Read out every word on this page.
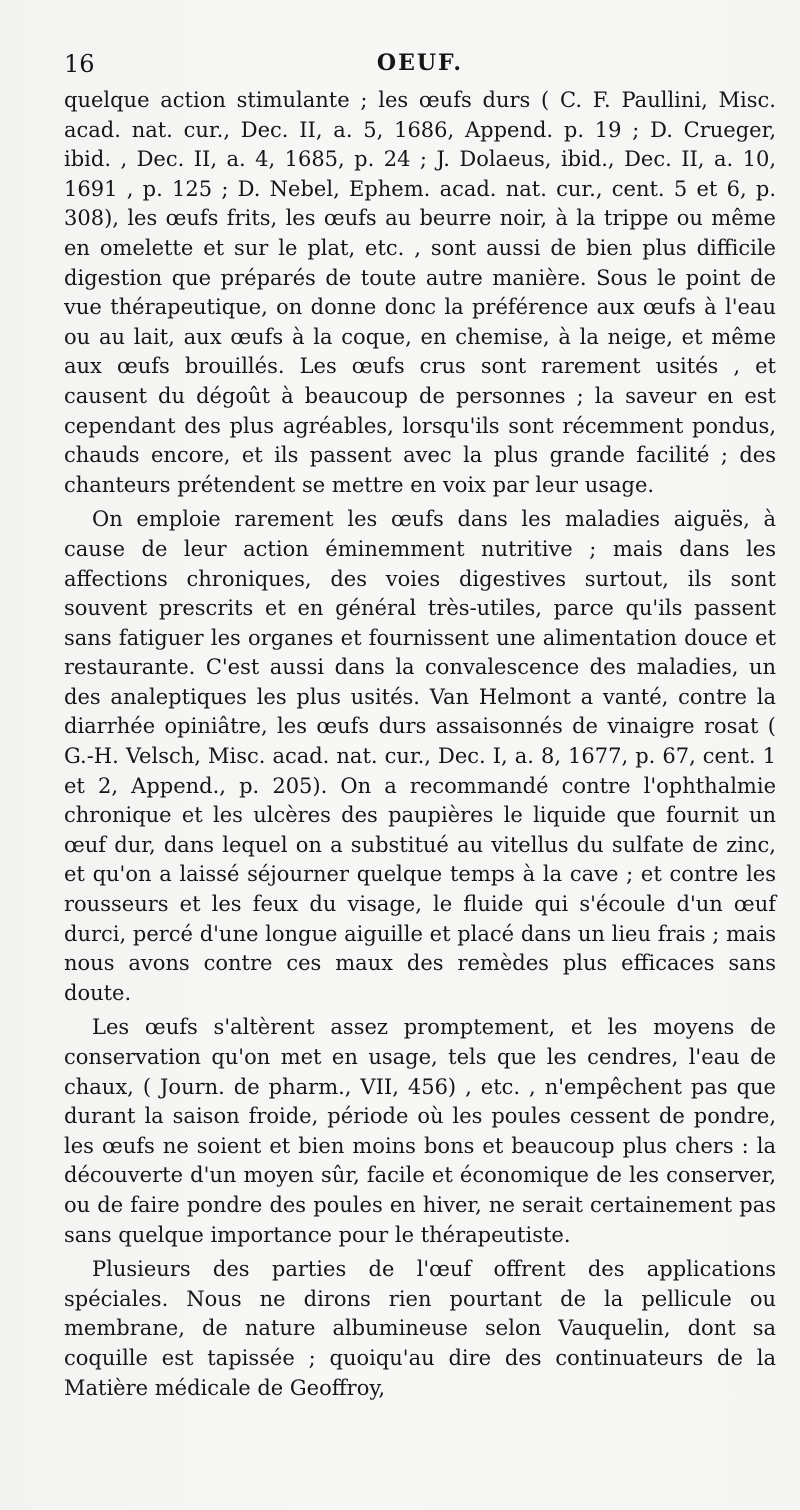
16	OEUF.

quelque action stimulante ; les œufs durs ( C. F. Paullini, Misc. acad. nat. cur., Dec. II, a. 5, 1686, Append. p. 19 ; D. Crueger, ibid. , Dec. II, a. 4, 1685, p. 24 ; J. Dolaeus, ibid., Dec. II, a. 10, 1691 , p. 125 ; D. Nebel, Ephem. acad. nat. cur., cent. 5 et 6, p. 308), les œufs frits, les œufs au beurre noir, à la trippe ou même en omelette et sur le plat, etc. , sont aussi de bien plus difficile digestion que préparés de toute autre manière. Sous le point de vue thérapeutique, on donne donc la préférence aux œufs à l'eau ou au lait, aux œufs à la coque, en chemise, à la neige, et même aux œufs brouillés. Les œufs crus sont rarement usités , et causent du dégoût à beaucoup de personnes ; la saveur en est cependant des plus agréables, lorsqu'ils sont récemment pondus, chauds encore, et ils passent avec la plus grande facilité ; des chanteurs prétendent se mettre en voix par leur usage.

On emploie rarement les œufs dans les maladies aiguës, à cause de leur action éminemment nutritive ; mais dans les affections chroniques, des voies digestives surtout, ils sont souvent prescrits et en général très-utiles, parce qu'ils passent sans fatiguer les organes et fournissent une alimentation douce et restaurante. C'est aussi dans la convalescence des maladies, un des analeptiques les plus usités. Van Helmont a vanté, contre la diarrhée opiniâtre, les œufs durs assaisonnés de vinaigre rosat ( G.-H. Velsch, Misc. acad. nat. cur., Dec. I, a. 8, 1677, p. 67, cent. 1 et 2, Append., p. 205). On a recommandé contre l'ophthalmie chronique et les ulcères des paupières le liquide que fournit un œuf dur, dans lequel on a substitué au vitellus du sulfate de zinc, et qu'on a laissé séjourner quelque temps à la cave ; et contre les rousseurs et les feux du visage, le fluide qui s'écoule d'un œuf durci, percé d'une longue aiguille et placé dans un lieu frais ; mais nous avons contre ces maux des remèdes plus efficaces sans doute.

Les œufs s'altèrent assez promptement, et les moyens de conservation qu'on met en usage, tels que les cendres, l'eau de chaux, ( Journ. de pharm., VII, 456) , etc. , n'empêchent pas que durant la saison froide, période où les poules cessent de pondre, les œufs ne soient et bien moins bons et beaucoup plus chers : la découverte d'un moyen sûr, facile et économique de les conserver, ou de faire pondre des poules en hiver, ne serait certainement pas sans quelque importance pour le thérapeutiste.

Plusieurs des parties de l'œuf offrent des applications spéciales. Nous ne dirons rien pourtant de la pellicule ou membrane, de nature albumineuse selon Vauquelin, dont sa coquille est tapissée ; quoiqu'au dire des continuateurs de la Matière médicale de Geoffroy,
